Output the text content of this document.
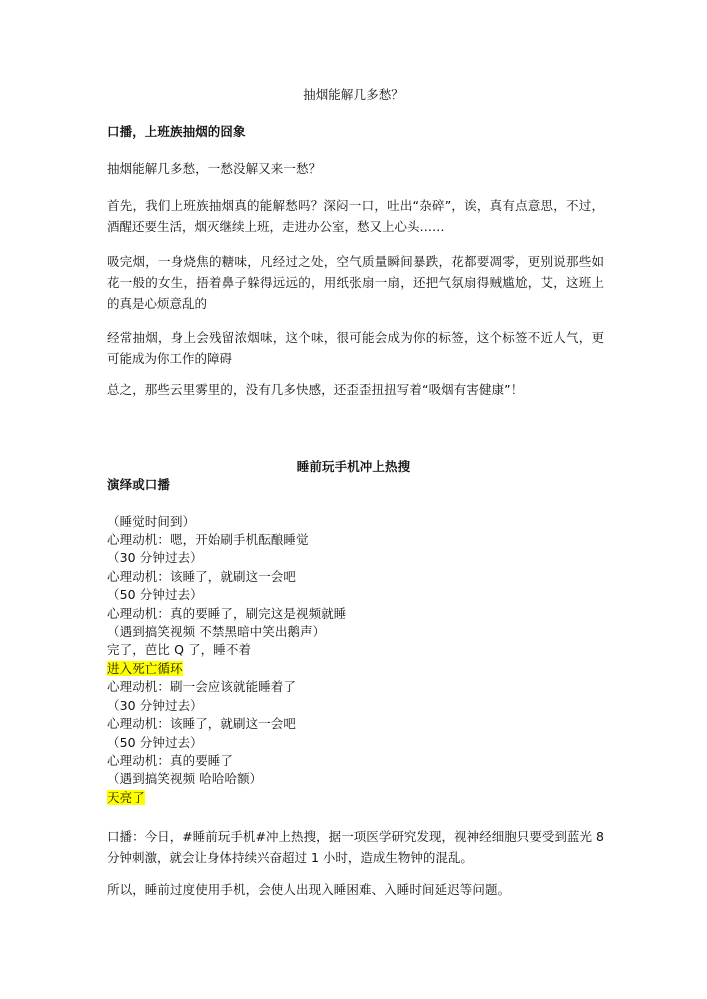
抽烟能解几多愁？
口播，上班族抽烟的囧象
抽烟能解几多愁，一愁没解又来一愁？
首先，我们上班族抽烟真的能解愁吗？深闷一口，吐出“杂碎”，诶，真有点意思，不过，酒醒还要生活，烟灭继续上班，走进办公室，愁又上心头……
吸完烟，一身烧焦的糖味，凡经过之处，空气质量瞬间暴跌，花都要凋零，更别说那些如花一般的女生，捂着鼻子躲得远远的，用纸张扇一扇，还把气氛扇得贼尴尬，艾，这班上的真是心烦意乱的
经常抽烟，身上会残留浓烟味，这个味，很可能会成为你的标签，这个标签不近人气，更可能成为你工作的障碍
总之，那些云里雾里的，没有几多快感，还歪歪扭扭写着“吸烟有害健康”！
睡前玩手机冲上热搜
演绎或口播
（睡觉时间到）
心理动机：嗯，开始刷手机酝酿睡觉
（30 分钟过去）
心理动机：该睡了，就刷这一会吧
（50 分钟过去）
心理动机：真的要睡了，刷完这是视频就睡
（遇到搞笑视频 不禁黑暗中笑出鹅声）
完了，芭比 Q 了，睡不着
进入死亡循环
心理动机：刷一会应该就能睡着了
（30 分钟过去）
心理动机：该睡了，就刷这一会吧
（50 分钟过去）
心理动机：真的要睡了
（遇到搞笑视频 哈哈哈额）
天亮了
口播：今日，#睡前玩手机#冲上热搜，据一项医学研究发现，视神经细胞只要受到蓝光 8 分钟刺激，就会让身体持续兴奋超过 1 小时，造成生物钟的混乱。
所以，睡前过度使用手机，会使人出现入睡困难、入睡时间延迟等问题。
